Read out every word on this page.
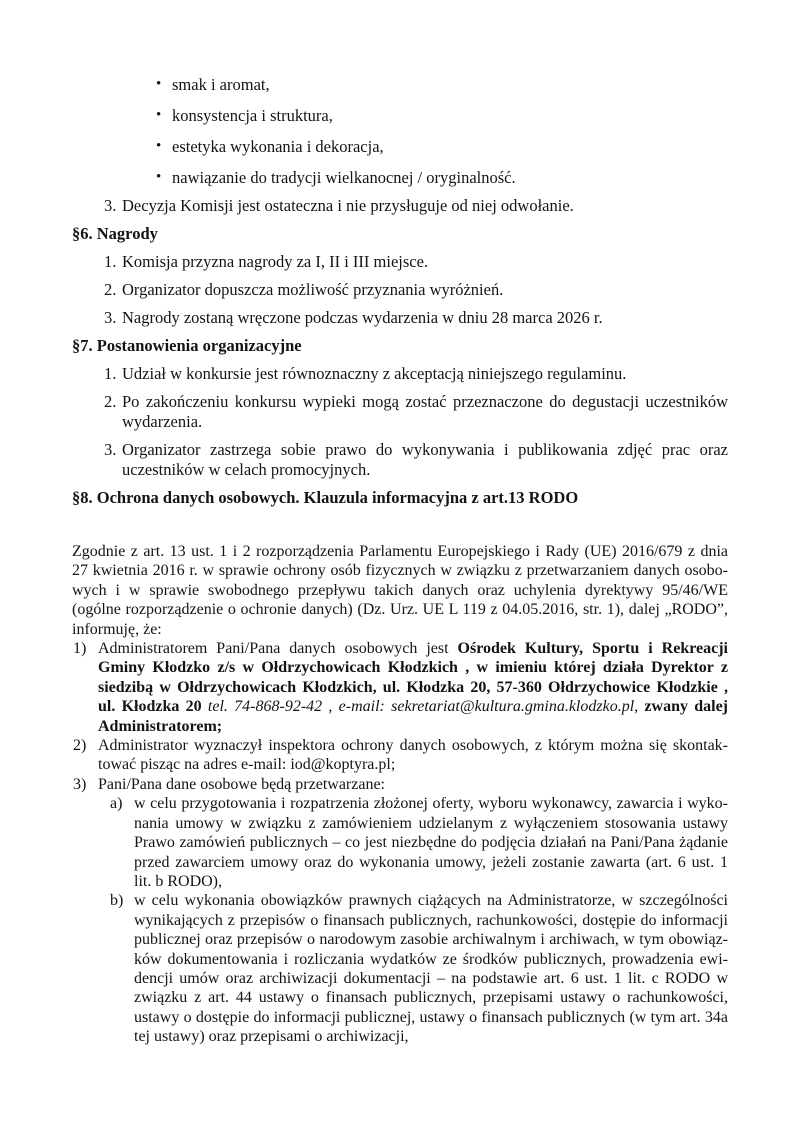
• smak i aromat,
• konsystencja i struktura,
• estetyka wykonania i dekoracja,
• nawiązanie do tradycji wielkanocnej / oryginalność.
3. Decyzja Komisji jest ostateczna i nie przysługuje od niej odwołanie.
§6. Nagrody
1. Komisja przyzna nagrody za I, II i III miejsce.
2. Organizator dopuszcza możliwość przyznania wyróżnień.
3. Nagrody zostaną wręczone podczas wydarzenia w dniu 28 marca 2026 r.
§7. Postanowienia organizacyjne
1. Udział w konkursie jest równoznaczny z akceptacją niniejszego regulaminu.
2. Po zakończeniu konkursu wypieki mogą zostać przeznaczone do degustacji uczestników
wydarzenia.
3. Organizator zastrzega sobie prawo do wykonywania i publikowania zdjęć prac oraz
uczestników w celach promocyjnych.
§8. Ochrona danych osobowych. Klauzula informacyjna z art.13 RODO
Zgodnie z art. 13 ust. 1 i 2 rozporządzenia Parlamentu Europejskiego i Rady (UE) 2016/679 z dnia
27 kwietnia 2016 r. w sprawie ochrony osób fizycznych w związku z przetwarzaniem danych osobo-
wych i w sprawie swobodnego przepływu takich danych oraz uchylenia dyrektywy 95/46/WE
(ogólne rozporządzenie o ochronie danych) (Dz. Urz. UE L 119 z 04.05.2016, str. 1), dalej „RODO”,
informuję, że:
1) Administratorem Pani/Pana danych osobowych jest Ośrodek Kultury, Sportu i Rekreacji
Gminy Kłodzko z/s w Ołdrzychowicach Kłodzkich , w imieniu której działa Dyrektor z
siedzibą w Ołdrzychowicach Kłodzkich, ul. Kłodzka 20, 57-360 Ołdrzychowice Kłodzkie ,
ul. Kłodzka 20 tel. 74-868-92-42 , e-mail: sekretariat@kultura.gmina.klodzko.pl, zwany dalej
Administratorem;
2) Administrator wyznaczył inspektora ochrony danych osobowych, z którym można się skontak-
tować pisząc na adres e-mail: iod@koptyra.pl;
3) Pani/Pana dane osobowe będą przetwarzane:
a) w celu przygotowania i rozpatrzenia złożonej oferty, wyboru wykonawcy, zawarcia i wyko-
nania umowy w związku z zamówieniem udzielanym z wyłączeniem stosowania ustawy
Prawo zamówień publicznych – co jest niezbędne do podjęcia działań na Pani/Pana żądanie
przed zawarciem umowy oraz do wykonania umowy, jeżeli zostanie zawarta (art. 6 ust. 1
lit. b RODO),
b) w celu wykonania obowiązków prawnych ciążących na Administratorze, w szczególności
wynikających z przepisów o finansach publicznych, rachunkowości, dostępie do informacji
publicznej oraz przepisów o narodowym zasobie archiwalnym i archiwach, w tym obowiąz-
ków dokumentowania i rozliczania wydatków ze środków publicznych, prowadzenia ewi-
dencji umów oraz archiwizacji dokumentacji – na podstawie art. 6 ust. 1 lit. c RODO w
związku z art. 44 ustawy o finansach publicznych, przepisami ustawy o rachunkowości,
ustawy o dostępie do informacji publicznej, ustawy o finansach publicznych (w tym art. 34a
tej ustawy) oraz przepisami o archiwizacji,
